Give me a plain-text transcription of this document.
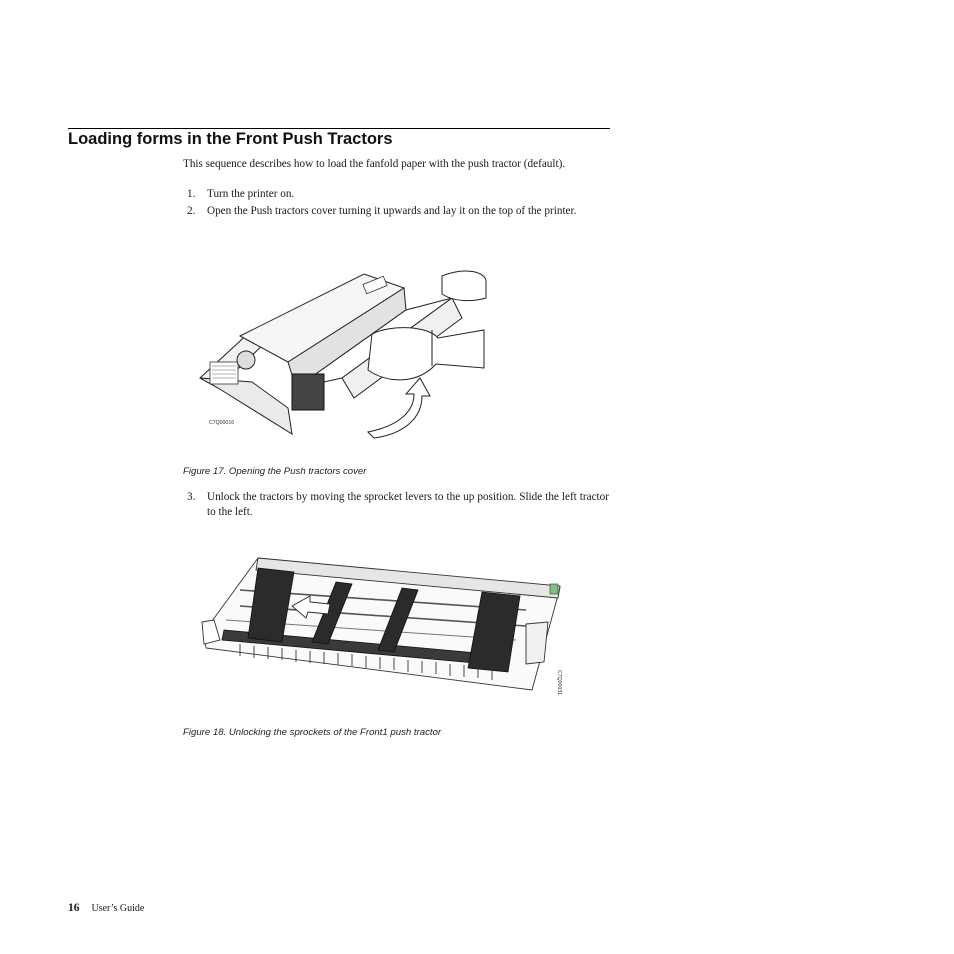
Loading forms in the Front Push Tractors
This sequence describes how to load the fanfold paper with the push tractor (default).
1. Turn the printer on.
2. Open the Push tractors cover turning it upwards and lay it on the top of the printer.
C7Q00016
Figure 17. Opening the Push tractors cover
3. Unlock the tractors by moving the sprocket levers to the up position. Slide the left tractor to the left.
C7Q00031
Figure 18. Unlocking the sprockets of the Front1 push tractor
16 User’s Guide
